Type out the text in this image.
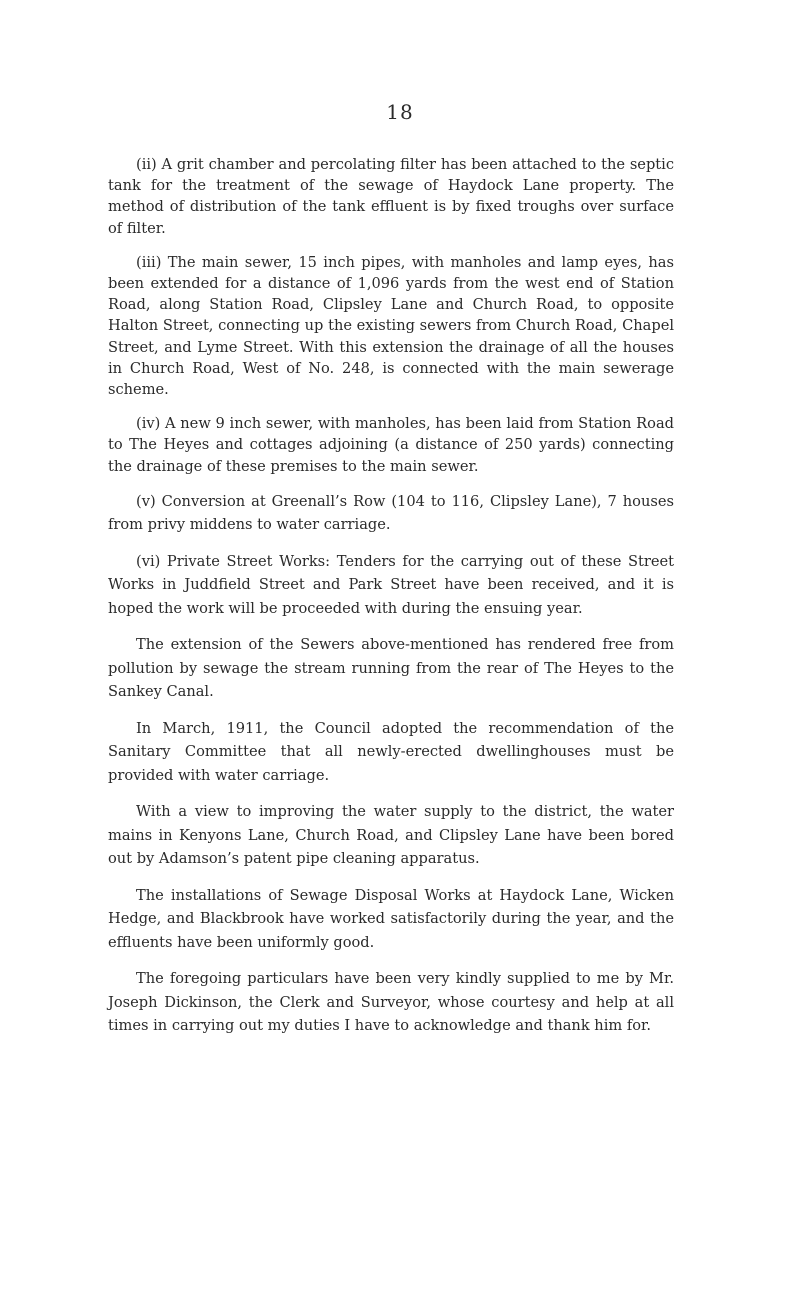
18

(ii) A grit chamber and percolating filter has been attached to the septic tank for the treatment of the sewage of Haydock Lane property. The method of distribution of the tank effluent is by fixed troughs over surface of filter.

(iii) The main sewer, 15 inch pipes, with manholes and lamp eyes, has been extended for a distance of 1,096 yards from the west end of Station Road, along Station Road, Clipsley Lane and Church Road, to opposite Halton Street, connecting up the existing sewers from Church Road, Chapel Street, and Lyme Street. With this extension the drainage of all the houses in Church Road, West of No. 248, is connected with the main sewerage scheme.

(iv) A new 9 inch sewer, with manholes, has been laid from Station Road to The Heyes and cottages adjoining (a distance of 250 yards) connecting the drainage of these premises to the main sewer.

(v) Conversion at Greenall’s Row (104 to 116, Clipsley Lane), 7 houses from privy middens to water carriage.

(vi) Private Street Works: Tenders for the carrying out of these Street Works in Juddfield Street and Park Street have been received, and it is hoped the work will be proceeded with during the ensuing year.

The extension of the Sewers above-mentioned has rendered free from pollution by sewage the stream running from the rear of The Heyes to the Sankey Canal.

In March, 1911, the Council adopted the recommendation of the Sanitary Committee that all newly-erected dwellinghouses must be provided with water carriage.

With a view to improving the water supply to the district, the water mains in Kenyons Lane, Church Road, and Clipsley Lane have been bored out by Adamson’s patent pipe cleaning apparatus.

The installations of Sewage Disposal Works at Haydock Lane, Wicken Hedge, and Blackbrook have worked satisfactorily during the year, and the effluents have been uniformly good.

The foregoing particulars have been very kindly supplied to me by Mr. Joseph Dickinson, the Clerk and Surveyor, whose courtesy and help at all times in carrying out my duties I have to acknowledge and thank him for.
